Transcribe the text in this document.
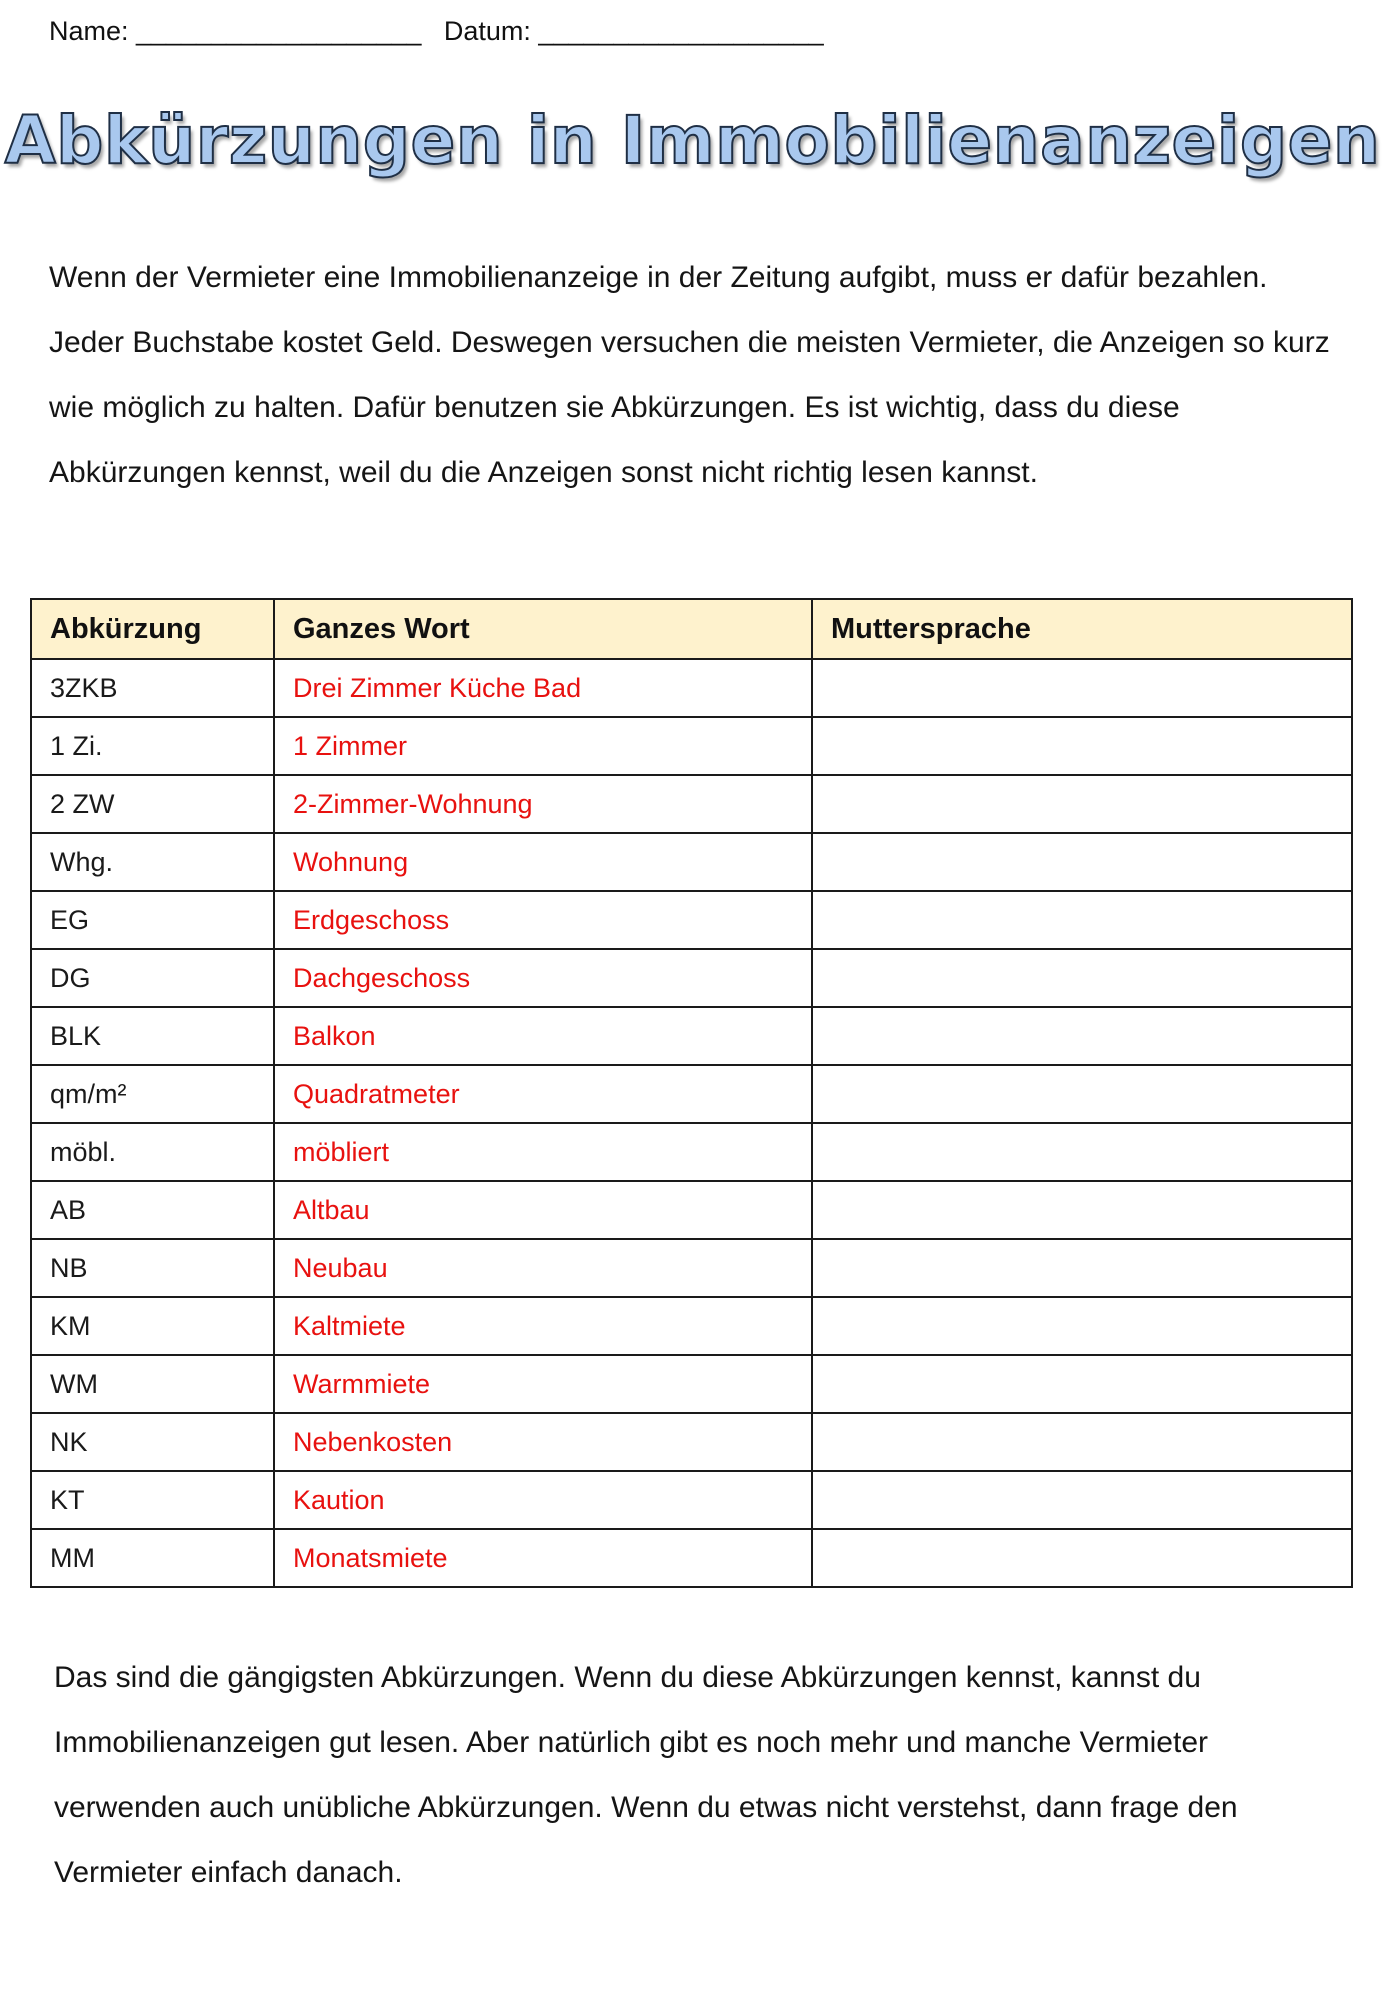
Name: ___________________ Datum: ___________________
Abkürzungen in Immobilienanzeigen

Wenn der Vermieter eine Immobilienanzeige in der Zeitung aufgibt, muss er dafür bezahlen. Jeder Buchstabe kostet Geld. Deswegen versuchen die meisten Vermieter, die Anzeigen so kurz wie möglich zu halten. Dafür benutzen sie Abkürzungen. Es ist wichtig, dass du diese Abkürzungen kennst, weil du die Anzeigen sonst nicht richtig lesen kannst.

Abkürzung	Ganzes Wort	Muttersprache
3ZKB	Drei Zimmer Küche Bad	
1 Zi.	1 Zimmer	
2 ZW	2-Zimmer-Wohnung	
Whg.	Wohnung	
EG	Erdgeschoss	
DG	Dachgeschoss	
BLK	Balkon	
qm/m²	Quadratmeter	
möbl.	möbliert	
AB	Altbau	
NB	Neubau	
KM	Kaltmiete	
WM	Warmmiete	
NK	Nebenkosten	
KT	Kaution	
MM	Monatsmiete	

Das sind die gängigsten Abkürzungen. Wenn du diese Abkürzungen kennst, kannst du Immobilienanzeigen gut lesen. Aber natürlich gibt es noch mehr und manche Vermieter verwenden auch unübliche Abkürzungen. Wenn du etwas nicht verstehst, dann frage den Vermieter einfach danach.
